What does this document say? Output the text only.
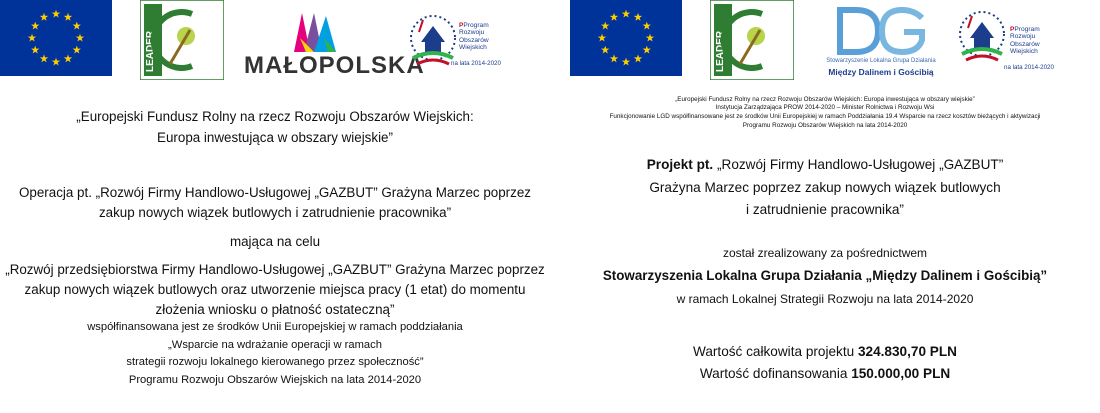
LEADER	MAŁOPOLSKA
PProgram
Rozwoju
Obszarów
Wiejskich
na lata 2014-2020
„Europejski Fundusz Rolny na rzecz Rozwoju Obszarów Wiejskich:
Europa inwestująca w obszary wiejskie”
Operacja pt. „Rozwój Firmy Handlowo-Usługowej „GAZBUT” Grażyna Marzec poprzez
zakup nowych wiązek butlowych i zatrudnienie pracownika”
mająca na celu
„Rozwój przedsiębiorstwa Firmy Handlowo-Usługowej „GAZBUT” Grażyna Marzec poprzez
zakup nowych wiązek butlowych oraz utworzenie miejsca pracy (1 etat) do momentu
złożenia wniosku o płatność ostateczną”
współfinansowana jest ze środków Unii Europejskiej w ramach poddziałania
„Wsparcie na wdrażanie operacji w ramach
strategii rozwoju lokalnego kierowanego przez społeczność”
Programu Rozwoju Obszarów Wiejskich na lata 2014-2020
LEADER	Stowarzyszenie Lokalna Grupa Działania
Między Dalinem i Gościbią
PProgram
Rozwoju
Obszarów
Wiejskich
na lata 2014-2020
„Europejski Fundusz Rolny na rzecz Rozwoju Obszarów Wiejskich: Europa inwestująca w obszary wiejskie”
Instytucja Zarządzająca PROW 2014-2020 – Minister Rolnictwa i Rozwoju Wsi
Funkcjonowanie LGD współfinansowane jest ze środków Unii Europejskiej w ramach Poddziałania 19.4 Wsparcie na rzecz kosztów bieżących i aktywizacji
Programu Rozwoju Obszarów Wiejskich na lata 2014-2020
Projekt pt. „Rozwój Firmy Handlowo-Usługowej „GAZBUT”
Grażyna Marzec poprzez zakup nowych wiązek butlowych
i zatrudnienie pracownika”
został zrealizowany za pośrednictwem
Stowarzyszenia Lokalna Grupa Działania „Między Dalinem i Gościbią”
w ramach Lokalnej Strategii Rozwoju na lata 2014-2020
Wartość całkowita projektu 324.830,70 PLN
Wartość dofinansowania 150.000,00 PLN
